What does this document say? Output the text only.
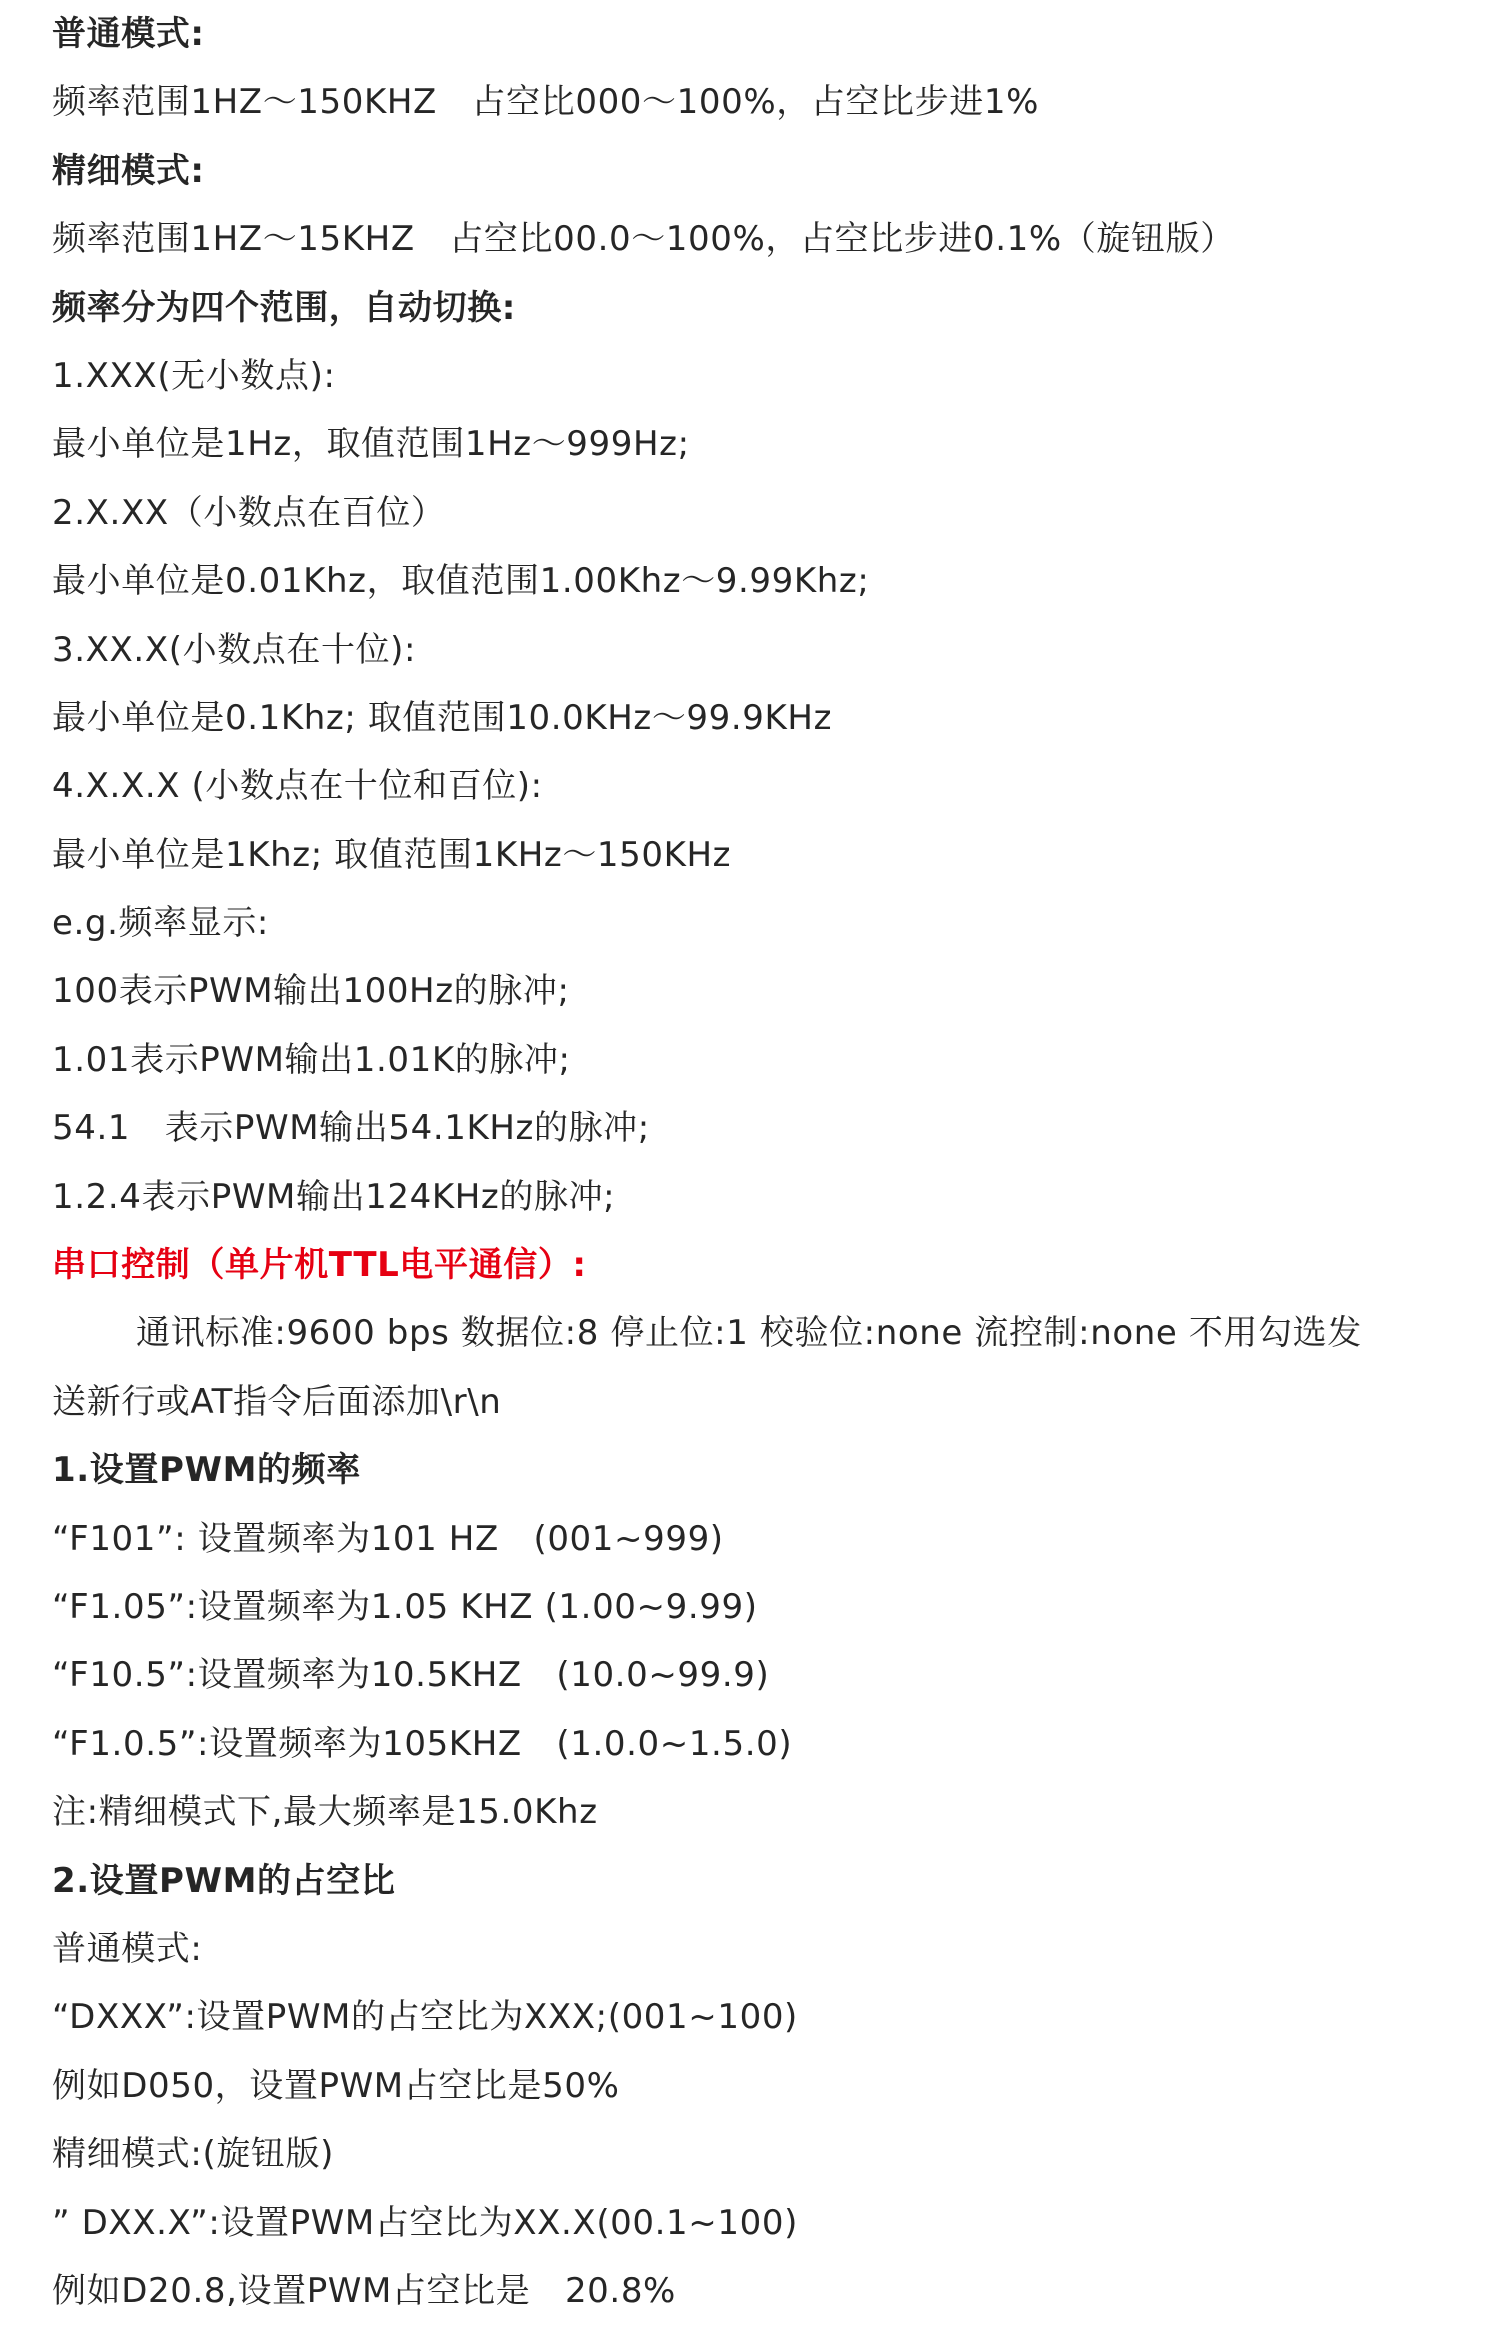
普通模式:
频率范围1HZ～150KHZ　占空比000～100%，占空比步进1%
精细模式:
频率范围1HZ～15KHZ　占空比00.0～100%，占空比步进0.1%（旋钮版）
频率分为四个范围，自动切换:
1.XXX(无小数点):
最小单位是1Hz，取值范围1Hz～999Hz;
2.X.XX（小数点在百位）
最小单位是0.01Khz，取值范围1.00Khz～9.99Khz;
3.XX.X(小数点在十位):
最小单位是0.1Khz; 取值范围10.0KHz～99.9KHz
4.X.X.X (小数点在十位和百位):
最小单位是1Khz; 取值范围1KHz～150KHz
e.g.频率显示:
100表示PWM输出100Hz的脉冲;
1.01表示PWM输出1.01K的脉冲;
54.1　表示PWM输出54.1KHz的脉冲;
1.2.4表示PWM输出124KHz的脉冲;
串口控制（单片机TTL电平通信）:
通讯标准:9600 bps 数据位:8 停止位:1 校验位:none 流控制:none 不用勾选发
送新行或AT指令后面添加\r\n
1.设置PWM的频率
“F101”: 设置频率为101 HZ　(001~999)
“F1.05”:设置频率为1.05 KHZ (1.00~9.99)
“F10.5”:设置频率为10.5KHZ　(10.0~99.9)
“F1.0.5”:设置频率为105KHZ　(1.0.0~1.5.0)
注:精细模式下,最大频率是15.0Khz
2.设置PWM的占空比
普通模式:
“DXXX”:设置PWM的占空比为XXX;(001~100)
例如D050，设置PWM占空比是50%
精细模式:(旋钮版)
” DXX.X”:设置PWM占空比为XX.X(00.1~100)
例如D20.8,设置PWM占空比是　20.8%
